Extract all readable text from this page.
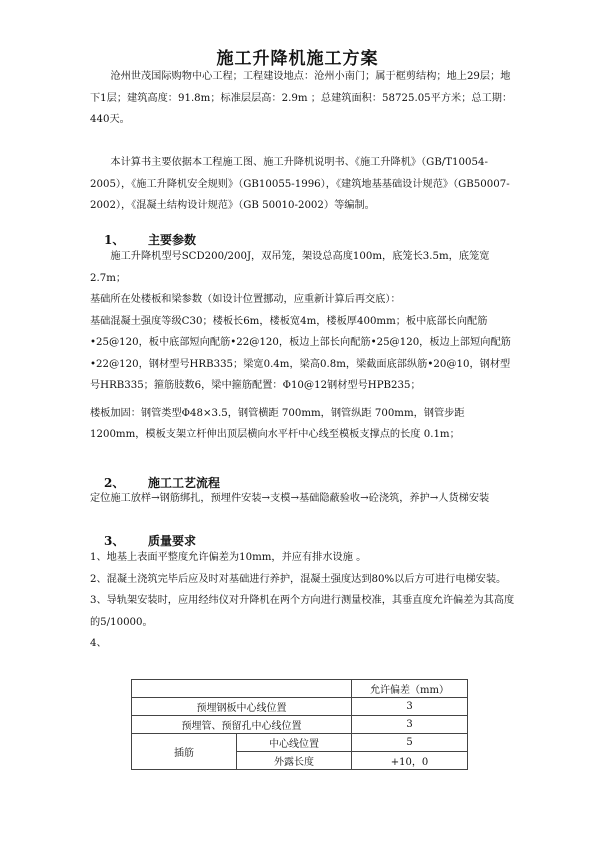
施工升降机施工方案

沧州世茂国际购物中心工程；工程建设地点：沧州小南门；属于框剪结构；地上29层；地下1层；建筑高度：91.8m；标准层层高：2.9m ；总建筑面积：58725.05平方米；总工期：440天。

本计算书主要依据本工程施工图、施工升降机说明书、《施工升降机》（GB/T10054-2005），《施工升降机安全规则》（GB10055-1996），《建筑地基基础设计规范》（GB50007-2002），《混凝土结构设计规范》（GB 50010-2002）等编制。

1、 主要参数

施工升降机型号SCD200/200J，双吊笼，架设总高度100m，底笼长3.5m，底笼宽2.7m；

基础所在处楼板和梁参数（如设计位置挪动，应重新计算后再交底）：

基础混凝土强度等级C30；楼板长6m，楼板宽4m，楼板厚400mm；板中底部长向配筋•25@120，板中底部短向配筋•22@120，板边上部长向配筋•25@120，板边上部短向配筋•22@120，钢材型号HRB335；梁宽0.4m，梁高0.8m，梁截面底部纵筋•20@10，钢材型号HRB335；箍筋肢数6，梁中箍筋配置：Φ10@12钢材型号HPB235；

楼板加固：钢管类型Φ48×3.5，钢管横距 700mm，钢管纵距 700mm，钢管步距 1200mm，模板支架立杆伸出顶层横向水平杆中心线至模板支撑点的长度 0.1m；

2、 施工工艺流程

定位施工放样→钢筋绑扎，预埋件安装→支模→基础隐蔽验收→砼浇筑，养护→人货梯安装

3、 质量要求

1、地基上表面平整度允许偏差为10mm，并应有排水设施 。

2、混凝土浇筑完毕后应及时对基础进行养护，混凝土强度达到80%以后方可进行电梯安装。

3、导轨架安装时，应用经纬仪对升降机在两个方向进行测量校准，其垂直度允许偏差为其高度的5/10000。

4、

		允许偏差（mm）
预埋钢板中心线位置		3
预埋管、预留孔中心线位置		3
插筋	中心线位置	5
	外露长度	+10，0
